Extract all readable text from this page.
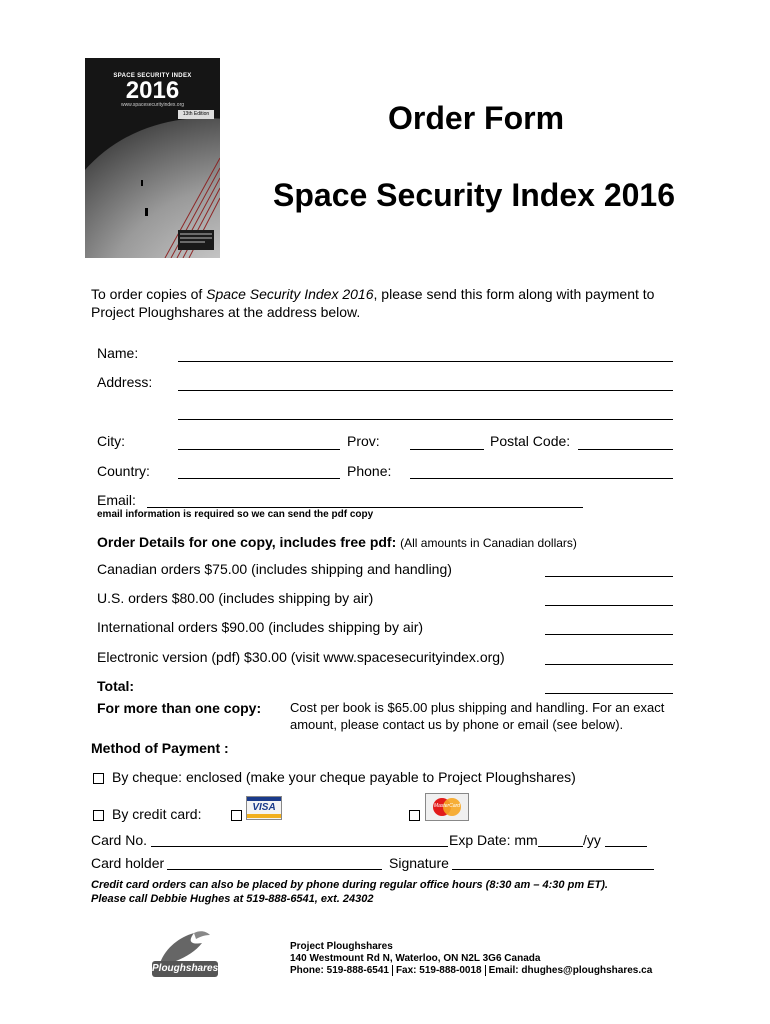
SPACE SECURITY INDEX
2016
www.spacesecurityindex.org
13th Edition	Order Form
Space Security Index 2016
To order copies of Space Security Index 2016, please send this form along with payment to Project Ploughshares at the address below.
Name:
Address:
City:	Prov:	Postal Code:
Country:	Phone:
Email:
email information is required so we can send the pdf copy
Order Details for one copy, includes free pdf: (All amounts in Canadian dollars)
Canadian orders $75.00 (includes shipping and handling)
U.S. orders $80.00 (includes shipping by air)
International orders $90.00 (includes shipping by air)
Electronic version (pdf) $30.00 (visit www.spacesecurityindex.org)
Total:
For more than one copy: Cost per book is $65.00 plus shipping and handling. For an exact amount, please contact us by phone or email (see below).
Method of Payment :
By cheque: enclosed (make your cheque payable to Project Ploughshares)
By credit card:	VISA	MasterCard
Card No.	Exp Date: mm	/yy
Card holder	Signature
Credit card orders can also be placed by phone during regular office hours (8:30 am – 4:30 pm ET).
Please call Debbie Hughes at 519-888-6541, ext. 24302
Ploughshares
Project Ploughshares
140 Westmount Rd N, Waterloo, ON N2L 3G6 Canada
Phone: 519-888-6541 Fax: 519-888-0018 Email: dhughes@ploughshares.ca
